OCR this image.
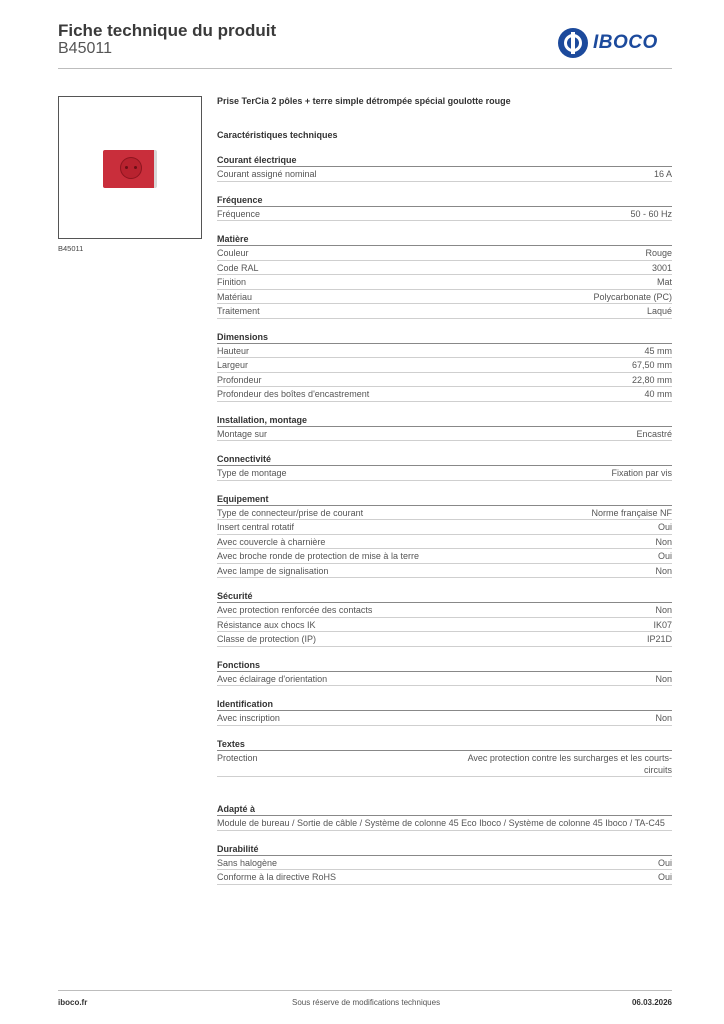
Fiche technique du produit
B45011	IBOCO
B45011
Prise TerCia 2 pôles + terre simple détrompée spécial goulotte rouge
Caractéristiques techniques
Courant électrique
Courant assigné nominal	16 A
Fréquence
Fréquence	50 - 60 Hz
Matière
Couleur	Rouge
Code RAL	3001
Finition	Mat
Matériau	Polycarbonate (PC)
Traitement	Laqué
Dimensions
Hauteur	45 mm
Largeur	67,50 mm
Profondeur	22,80 mm
Profondeur des boîtes d'encastrement	40 mm
Installation, montage
Montage sur	Encastré
Connectivité
Type de montage	Fixation par vis
Equipement
Type de connecteur/prise de courant	Norme française NF
Insert central rotatif	Oui
Avec couvercle à charnière	Non
Avec broche ronde de protection de mise à la terre	Oui
Avec lampe de signalisation	Non
Sécurité
Avec protection renforcée des contacts	Non
Résistance aux chocs IK	IK07
Classe de protection (IP)	IP21D
Fonctions
Avec éclairage d'orientation	Non
Identification
Avec inscription	Non
Textes
Protection	Avec protection contre les surcharges et les courts-circuits
Adapté à
Module de bureau / Sortie de câble / Système de colonne 45 Eco Iboco / Système de colonne 45 Iboco / TA-C45
Durabilité
Sans halogène	Oui
Conforme à la directive RoHS	Oui
iboco.fr	Sous réserve de modifications techniques	06.03.2026
